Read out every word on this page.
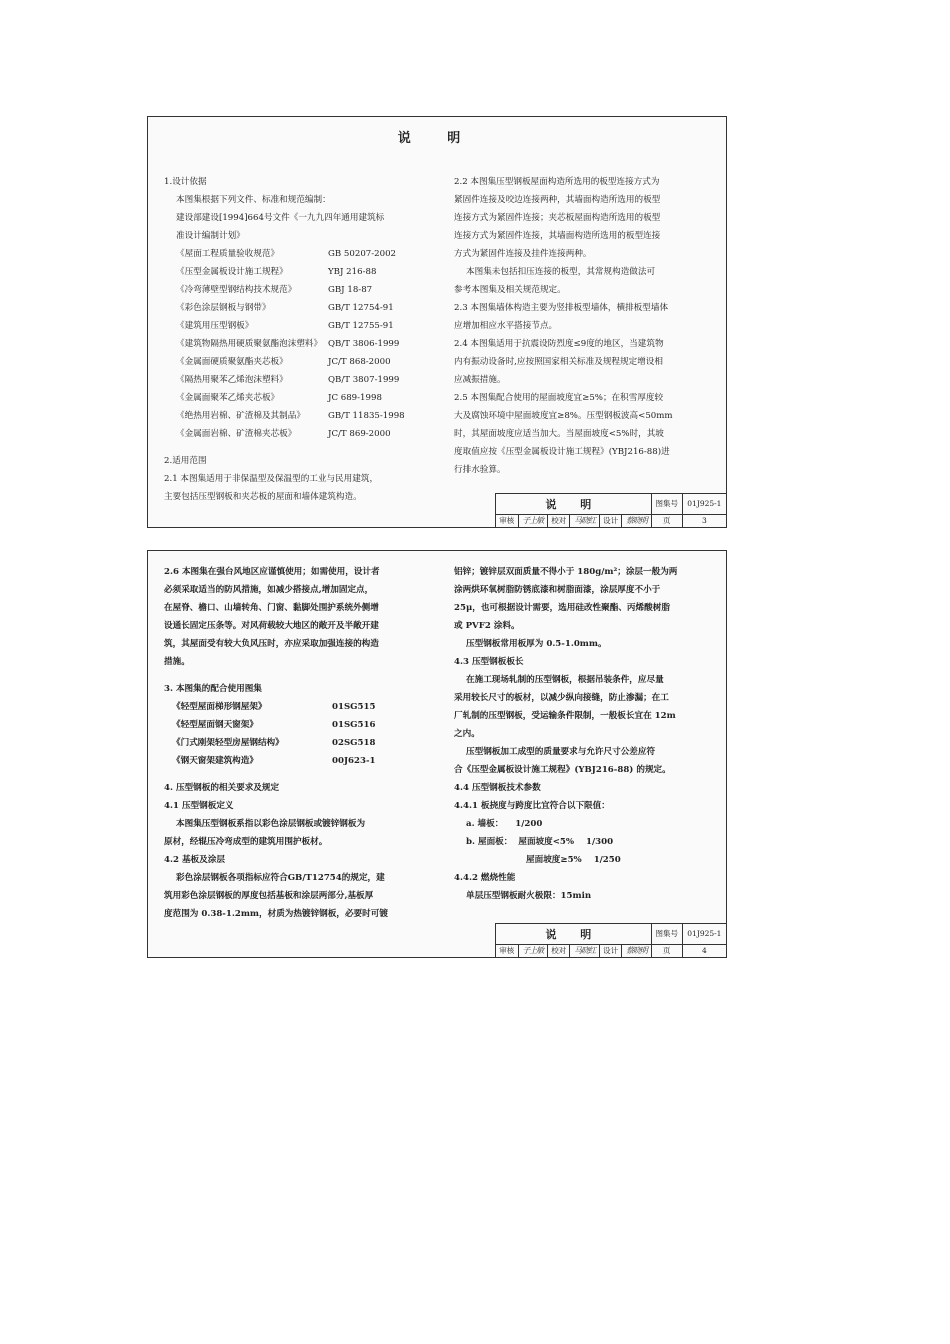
说 明

1.设计依据

本图集根据下列文件、标准和规范编制：

建设部建设[1994]664号文件《一九九四年通用建筑标

准设计编制计划》

《屋面工程质量验收规范》	GB 50207-2002

《压型金属板设计施工规程》	YBJ 216-88

《冷弯薄壁型钢结构技术规范》	GBJ 18-87

《彩色涂层钢板与钢带》	GB/T 12754-91

《建筑用压型钢板》	GB/T 12755-91

《建筑物隔热用硬质聚氨酯泡沫塑料》 QB/T 3806-1999

《金属面硬质聚氨酯夹芯板》	JC/T 868-2000

《隔热用聚苯乙烯泡沫塑料》	QB/T 3807-1999

《金属面聚苯乙烯夹芯板》	JC 689-1998

《绝热用岩棉、矿渣棉及其制品》	GB/T 11835-1998

《金属面岩棉、矿渣棉夹芯板》	JC/T 869-2000

2.适用范围

2.1 本图集适用于非保温型及保温型的工业与民用建筑，

主要包括压型钢板和夹芯板的屋面和墙体建筑构造。

2.2 本图集压型钢板屋面构造所选用的板型连接方式为

紧固件连接及咬边连接两种，其墙面构造所选用的板型

连接方式为紧固件连接；夹芯板屋面构造所选用的板型

连接方式为紧固件连接，其墙面构造所选用的板型连接

方式为紧固件连接及挂件连接两种。

本图集未包括扣压连接的板型，其常规构造做法可

参考本图集及相关规范规定。

2.3 本图集墙体构造主要为竖排板型墙体，横排板型墙体

应增加相应水平搭接节点。

2.4 本图集适用于抗震设防烈度≤9度的地区，当建筑物

内有振动设备时,应按照国家相关标准及规程规定增设相

应减振措施。

2.5 本图集配合使用的屋面坡度宜≥5%；在积雪厚度较

大及腐蚀环境中屋面坡度宜≥8%。压型钢板波高<50mm

时，其屋面坡度应适当加大。当屋面坡度<5%时，其坡

度取值应按《压型金属板设计施工规程》(YBJ216-88)进

行排水验算。

说 明						图集号	01J925-1
审核	子上敏	校对	马晓红	设计	蔡晓明	页	3

2.6 本图集在强台风地区应谨慎使用；如需使用，设计者

必须采取适当的防风措施，如减少搭接点,增加固定点，

在屋脊、檐口、山墙转角、门窗、黏脚处围护系统外侧增

设通长固定压条等。对风荷载较大地区的敞开及半敞开建

筑，其屋面受有较大负风压时，亦应采取加强连接的构造

措施。

3. 本图集的配合使用图集

《轻型屋面梯形钢屋架》	01SG515

《轻型屋面钢天窗架》	01SG516

《门式刚架轻型房屋钢结构》	02SG518

《钢天窗架建筑构造》	00J623-1

4. 压型钢板的相关要求及规定

4.1 压型钢板定义

本图集压型钢板系指以彩色涂层钢板或镀锌钢板为

原材，经辊压冷弯成型的建筑用围护板材。

4.2 基板及涂层

彩色涂层钢板各项指标应符合GB/T12754的规定，建

筑用彩色涂层钢板的厚度包括基板和涂层两部分,基板厚

度范围为 0.38-1.2mm，材质为热镀锌钢板，必要时可镀

铝锌；镀锌层双面质量不得小于 180g/m²；涂层一般为两

涂两烘环氧树脂防锈底漆和树脂面漆，涂层厚度不小于

25μ，也可根据设计需要，选用硅改性聚酯、丙烯酸树脂

或 PVF2 涂料。

压型钢板常用板厚为 0.5-1.0mm。

4.3 压型钢板板长

在施工现场轧制的压型钢板，根据吊装条件，应尽量

采用较长尺寸的板材，以减少纵向接缝，防止渗漏；在工

厂轧制的压型钢板，受运输条件限制，一般板长宜在 12m

之内。

压型钢板加工成型的质量要求与允许尺寸公差应符

合《压型金属板设计施工规程》(YBJ216-88) 的规定。

4.4 压型钢板技术参数

4.4.1 板挠度与跨度比宜符合以下限值：

a. 墙板：    1/200

b. 屋面板：  屋面坡度<5%    1/300

屋面坡度≥5%    1/250

4.4.2 燃烧性能

单层压型钢板耐火极限：15min

说 明						图集号	01J925-1
审核	子上敏	校对	马晓红	设计	蔡晓明	页	4
